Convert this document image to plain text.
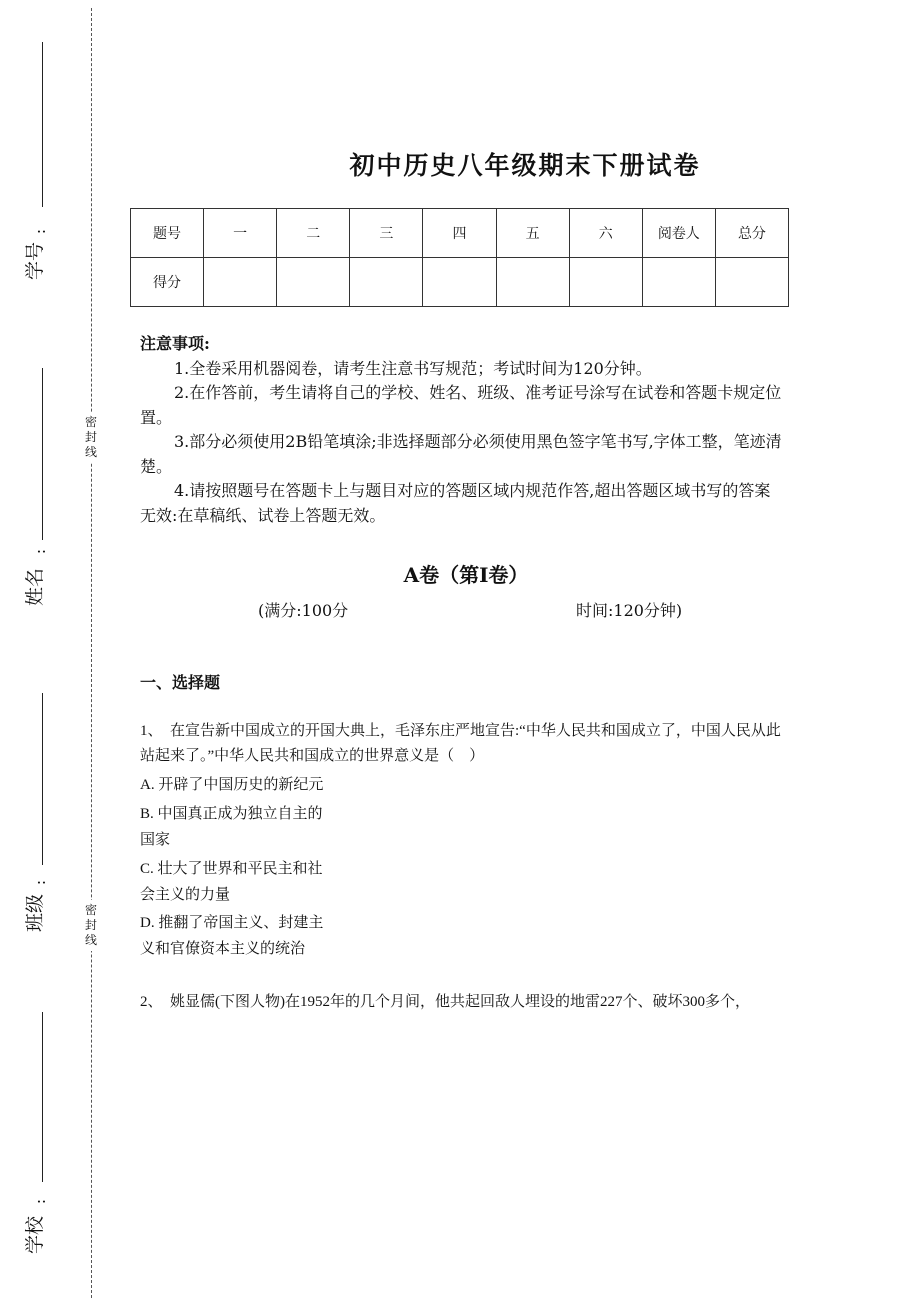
密
封
线
密
封
线
:
学号
:
姓名
:
班级
:
学校
初中历史八年级期末下册试卷
题号	一	二	三	四	五	六	阅卷人	总分
得分								
注意事项:

1.全卷采用机器阅卷，请考生注意书写规范；考试时间为120分钟。

2.在作答前，考生请将自己的学校、姓名、班级、准考证号涂写在试卷和答题卡规定位置。

3.部分必须使用2B铅笔填涂;非选择题部分必须使用黑色签字笔书写,字体工整，笔迹清楚。

4.请按照题号在答题卡上与题目对应的答题区域内规范作答,超出答题区域书写的答案无效:在草稿纸、试卷上答题无效。

A卷（第I卷）
(满分:100分	时间:120分钟)
一、选择题
1、　在宣告新中国成立的开国大典上，毛泽东庄严地宣告:“中华人民共和国成立了，中国人民从此站起来了。”中华人民共和国成立的世界意义是（　）
A. 开辟了中国历史的新纪元
B. 中国真正成为独立自主的国家
C. 壮大了世界和平民主和社会主义的力量
D. 推翻了帝国主义、封建主义和官僚资本主义的统治
2、　姚显儒(下图人物)在1952年的几个月间，他共起回敌人埋设的地雷227个、破坏300多个，
